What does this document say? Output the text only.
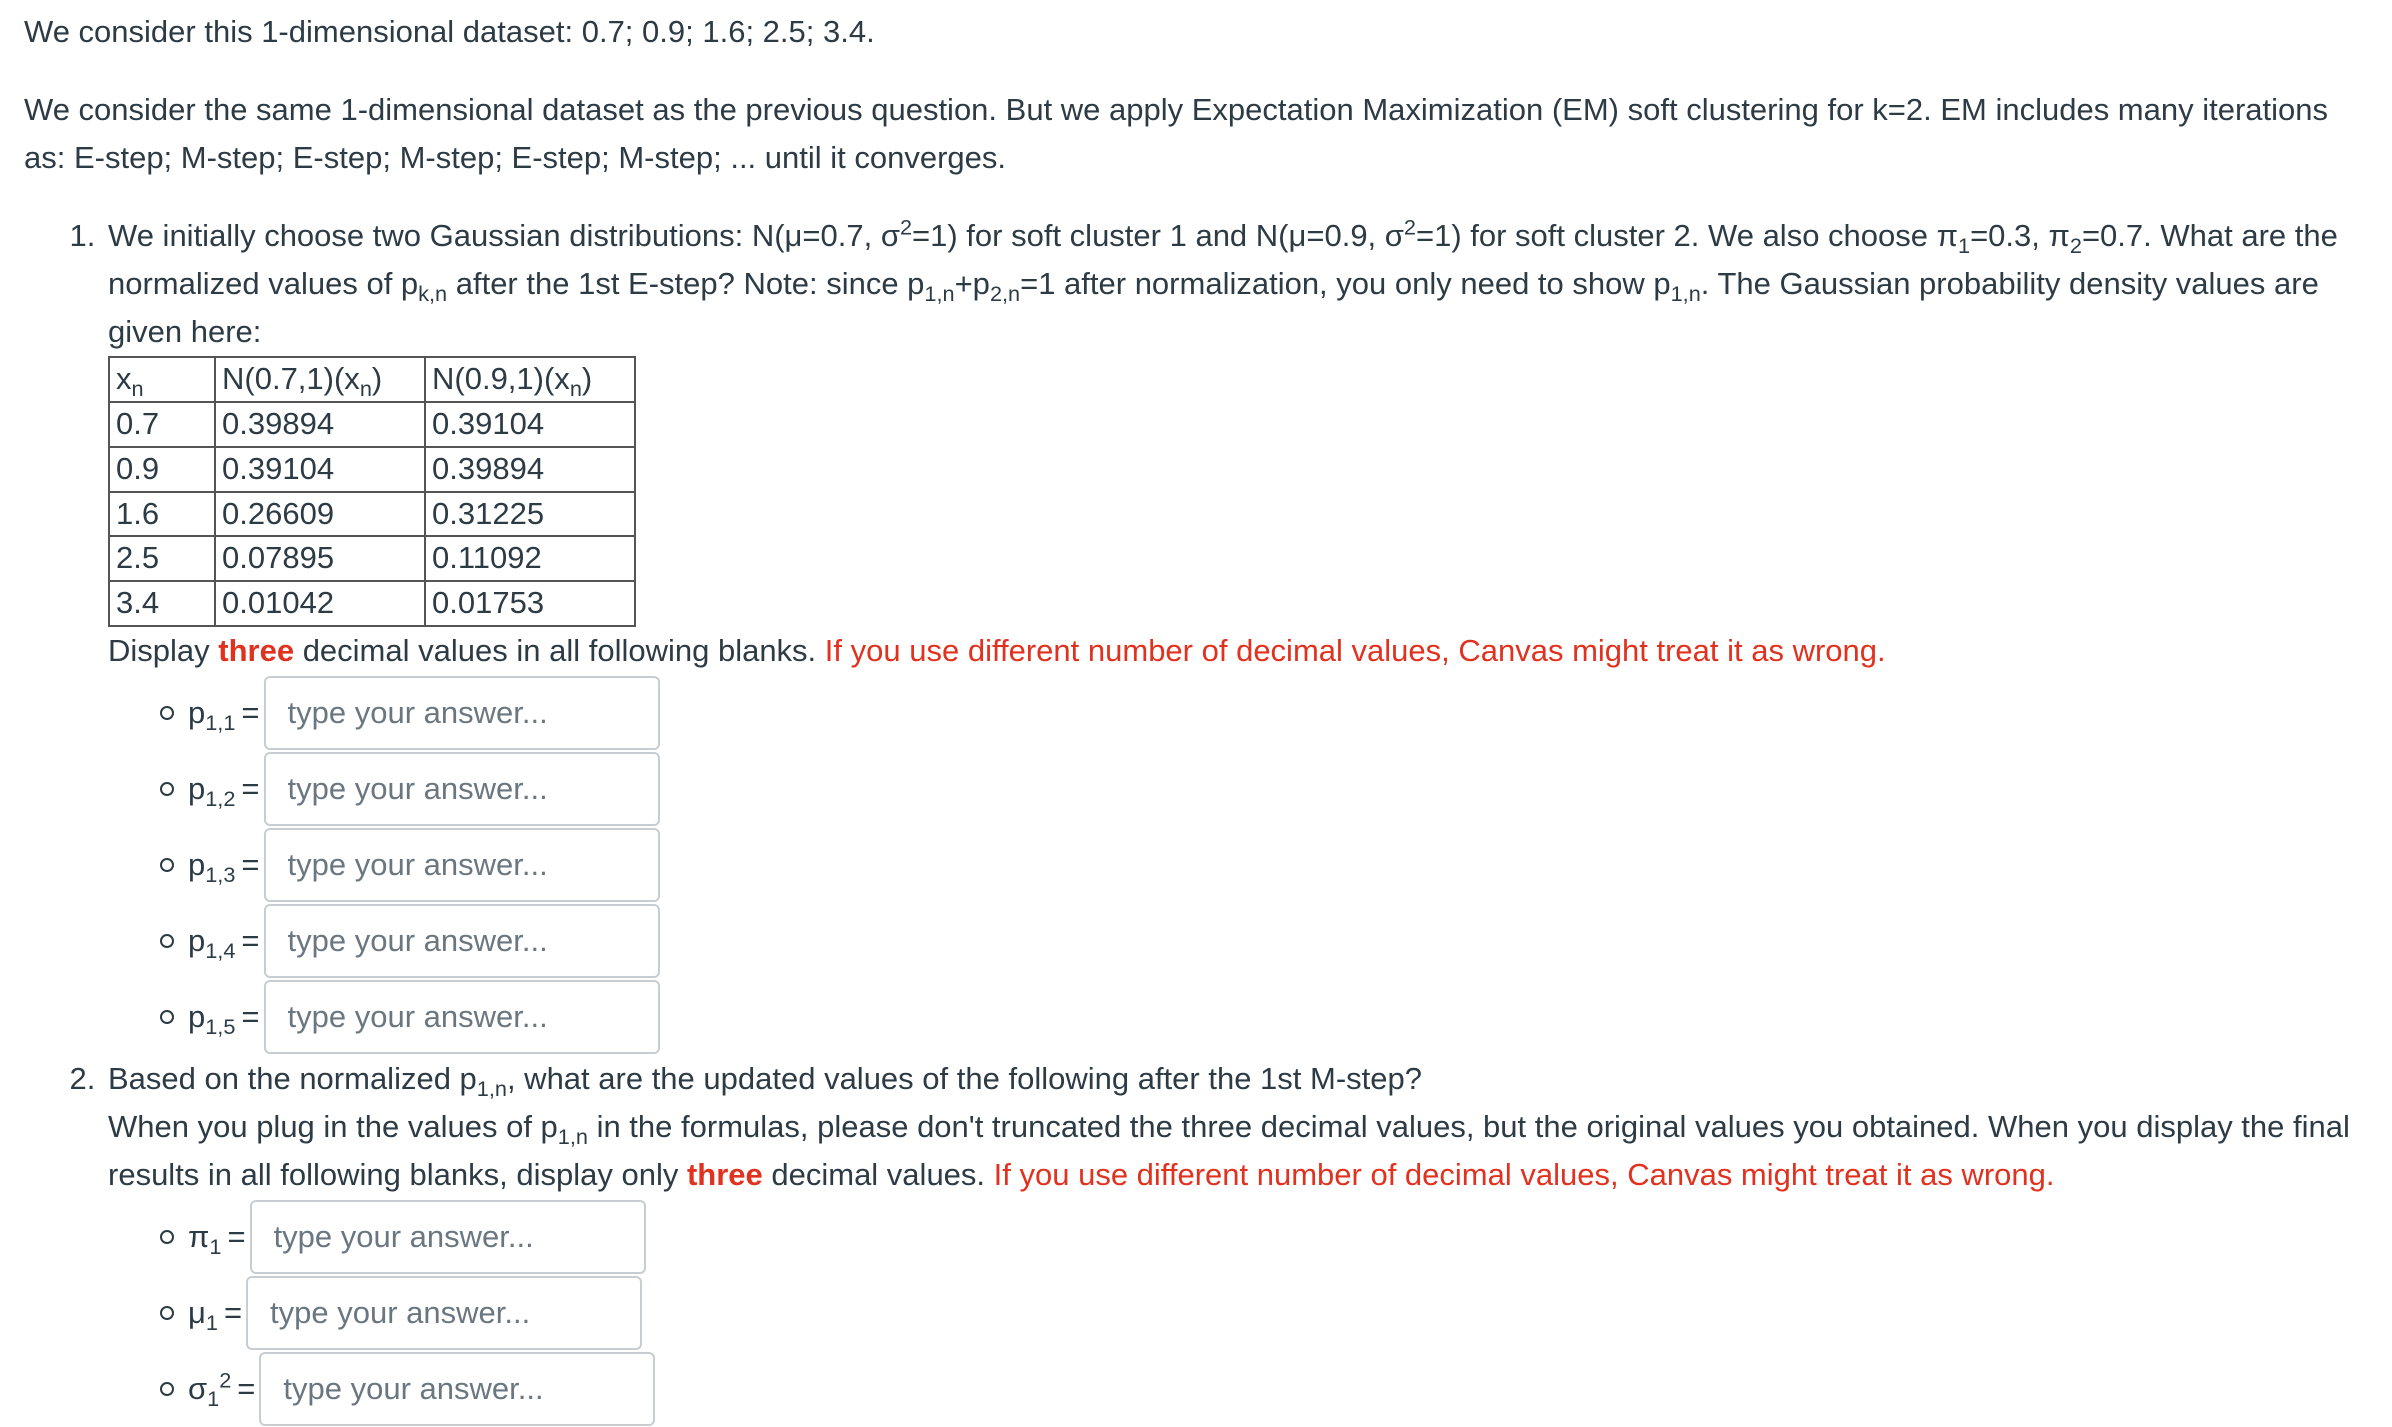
We consider this 1-dimensional dataset: 0.7; 0.9; 1.6; 2.5; 3.4.

We consider the same 1-dimensional dataset as the previous question. But we apply Expectation Maximization (EM) soft clustering for k=2. EM includes many iterations as: E-step; M-step; E-step; M-step; E-step; M-step; ... until it converges.

1. We initially choose two Gaussian distributions: N(μ=0.7, $\sigma^2=1$) for soft cluster 1 and N(μ=0.9, $\sigma^2=1$) for soft cluster 2. We also choose $\pi_1=0.3$, $\pi_2=0.7$. What are the normalized values of $p_{k,n}$ after the 1st E-step? Note: since $p_{1,n}+p_{2,n}=1$ after normalization, you only need to show $p_{1,n}$. The Gaussian probability density values are given here:

$x_n$	$N(0.7,1)(x_n)$	$N(0.9,1)(x_n)$
0.7	0.39894	0.39104
0.9	0.39104	0.39894
1.6	0.26609	0.31225
2.5	0.07895	0.11092
3.4	0.01042	0.01753

Display three decimal values in all following blanks. If you use different number of decimal values, Canvas might treat it as wrong.

$p_{1,1}$ =
type your answer...
$p_{1,2}$ =
type your answer...
$p_{1,3}$ =
type your answer...
$p_{1,4}$ =
type your answer...
$p_{1,5}$ =
type your answer...

2. Based on the normalized $p_{1,n}$, what are the updated values of the following after the 1st M-step?

When you plug in the values of $p_{1,n}$ in the formulas, please don't truncated the three decimal values, but the original values you obtained. When you display the final results in all following blanks, display only three decimal values. If you use different number of decimal values, Canvas might treat it as wrong.

$\pi_1$ =
type your answer...
$\mu_1$ =
type your answer...
$\sigma_1^2$ =
type your answer...
